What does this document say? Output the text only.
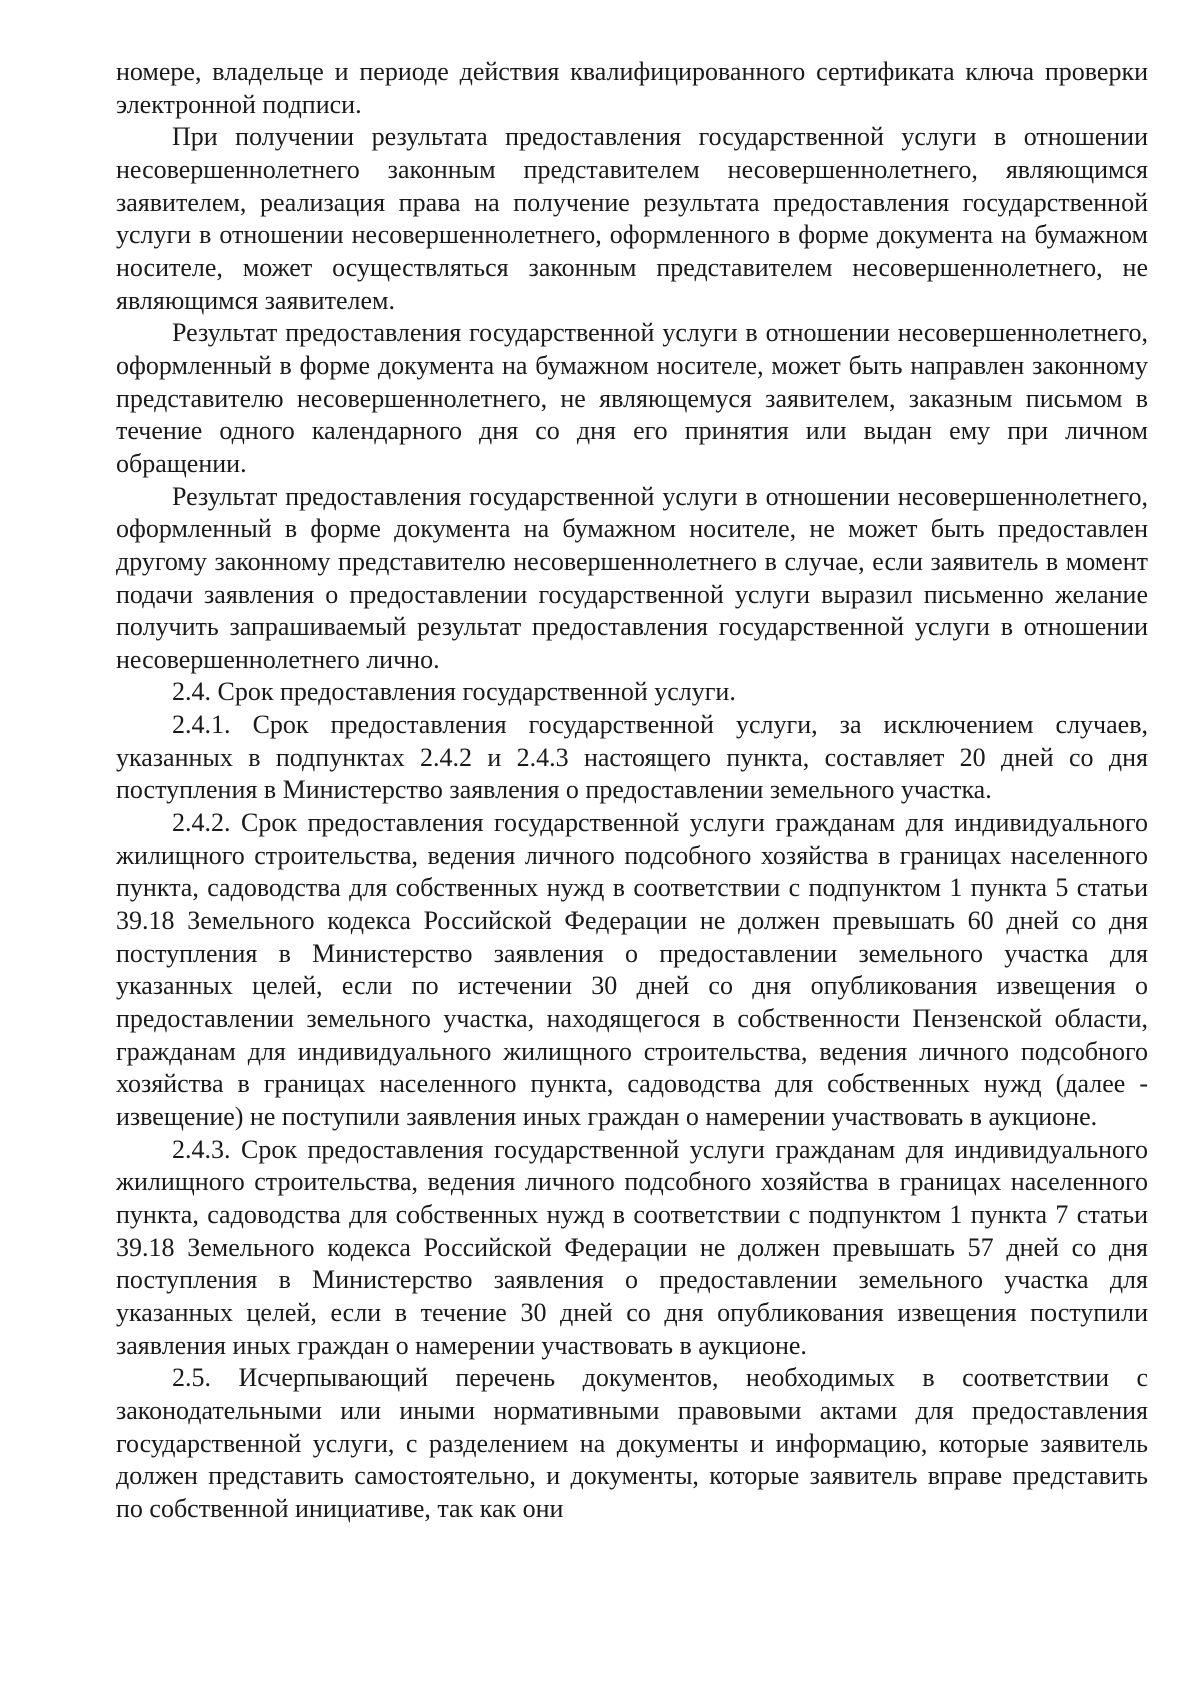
номере, владельце и периоде действия квалифицированного сертификата ключа проверки электронной подписи.

При получении результата предоставления государственной услуги в отношении несовершеннолетнего законным представителем несовершеннолетнего, являющимся заявителем, реализация права на получение результата предоставления государственной услуги в отношении несовершеннолетнего, оформленного в форме документа на бумажном носителе, может осуществляться законным представителем несовершеннолетнего, не являющимся заявителем.

Результат предоставления государственной услуги в отношении несовершеннолетнего, оформленный в форме документа на бумажном носителе, может быть направлен законному представителю несовершеннолетнего, не являющемуся заявителем, заказным письмом в течение одного календарного дня со дня его принятия или выдан ему при личном обращении.

Результат предоставления государственной услуги в отношении несовершеннолетнего, оформленный в форме документа на бумажном носителе, не может быть предоставлен другому законному представителю несовершеннолетнего в случае, если заявитель в момент подачи заявления о предоставлении государственной услуги выразил письменно желание получить запрашиваемый результат предоставления государственной услуги в отношении несовершеннолетнего лично.

2.4. Срок предоставления государственной услуги.

2.4.1. Срок предоставления государственной услуги, за исключением случаев, указанных в подпунктах 2.4.2 и 2.4.3 настоящего пункта, составляет 20 дней со дня поступления в Министерство заявления о предоставлении земельного участка.

2.4.2. Срок предоставления государственной услуги гражданам для индивидуального жилищного строительства, ведения личного подсобного хозяйства в границах населенного пункта, садоводства для собственных нужд в соответствии с подпунктом 1 пункта 5 статьи 39.18 Земельного кодекса Российской Федерации не должен превышать 60 дней со дня поступления в Министерство заявления о предоставлении земельного участка для указанных целей, если по истечении 30 дней со дня опубликования извещения о предоставлении земельного участка, находящегося в собственности Пензенской области, гражданам для индивидуального жилищного строительства, ведения личного подсобного хозяйства в границах населенного пункта, садоводства для собственных нужд (далее - извещение) не поступили заявления иных граждан о намерении участвовать в аукционе.

2.4.3. Срок предоставления государственной услуги гражданам для индивидуального жилищного строительства, ведения личного подсобного хозяйства в границах населенного пункта, садоводства для собственных нужд в соответствии с подпунктом 1 пункта 7 статьи 39.18 Земельного кодекса Российской Федерации не должен превышать 57 дней со дня поступления в Министерство заявления о предоставлении земельного участка для указанных целей, если в течение 30 дней со дня опубликования извещения поступили заявления иных граждан о намерении участвовать в аукционе.

2.5. Исчерпывающий перечень документов, необходимых в соответствии с законодательными или иными нормативными правовыми актами для предоставления государственной услуги, с разделением на документы и информацию, которые заявитель должен представить самостоятельно, и документы, которые заявитель вправе представить по собственной инициативе, так как они
